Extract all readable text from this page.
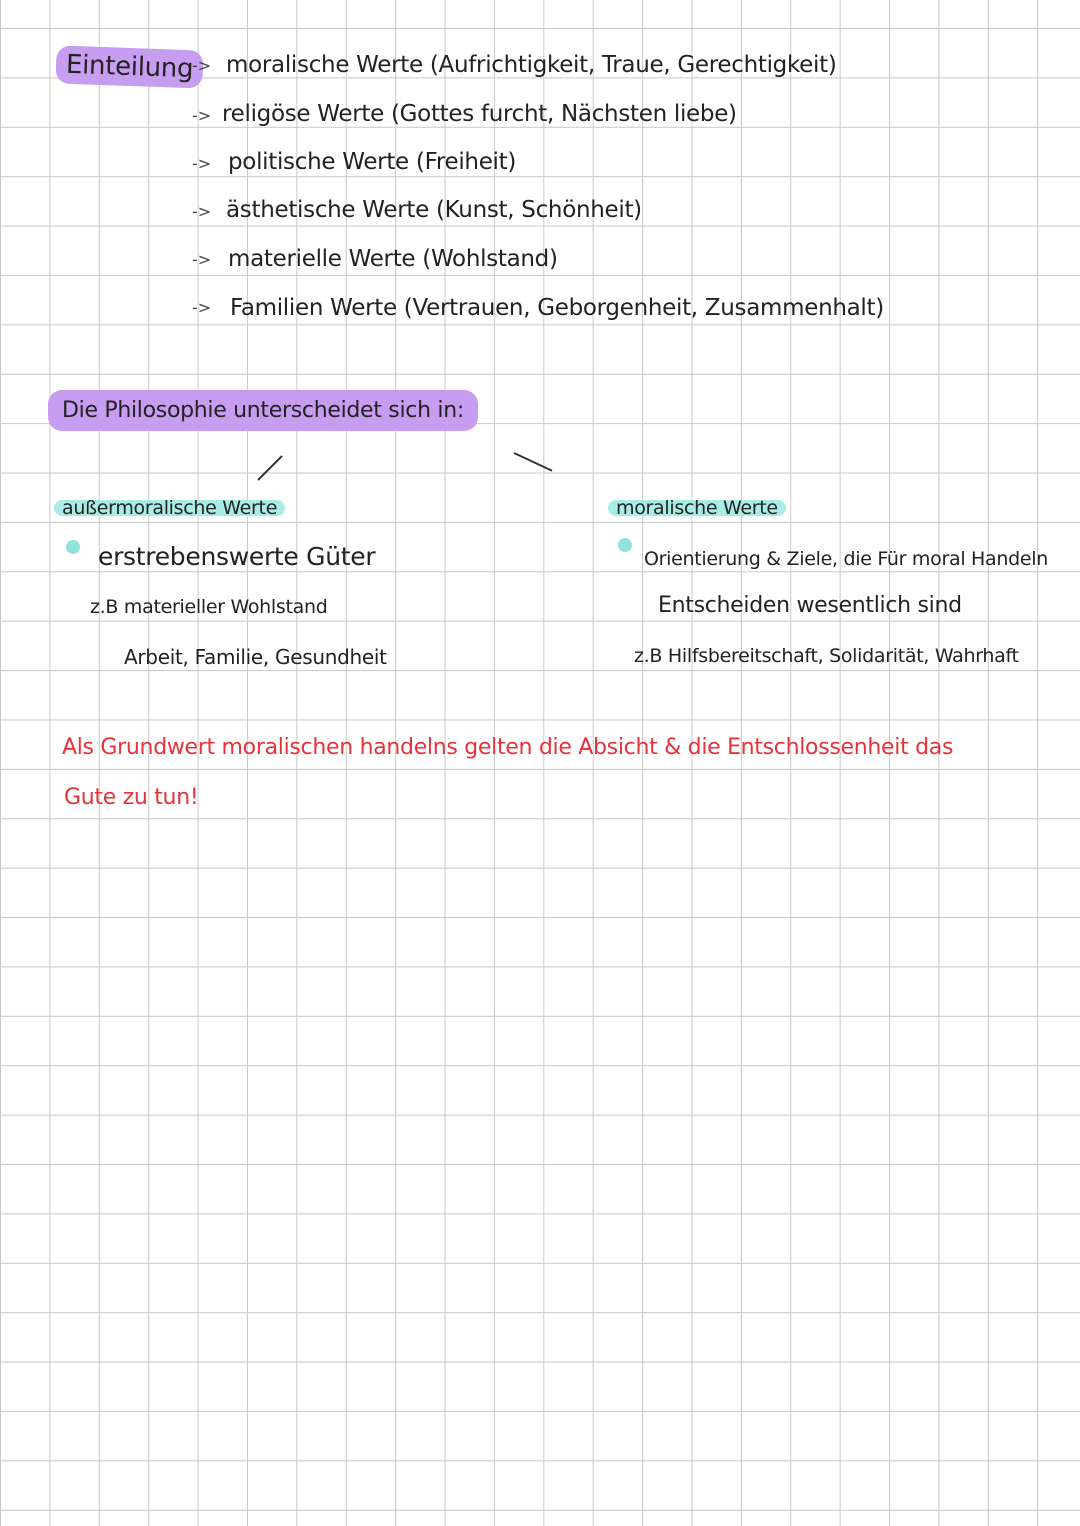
Einteilung
-> moralische Werte (Aufrichtigkeit, Traue, Gerechtigkeit)
-> religöse Werte (Gottes furcht, Nächsten liebe)
-> politische Werte (Freiheit)
-> ästhetische Werte (Kunst, Schönheit)
-> materielle Werte (Wohlstand)
-> Familien Werte (Vertrauen, Geborgenheit, Zusammenhalt)
Die Philosophie unterscheidet sich in:
außermoralische Werte
erstrebenswerte Güter
z.B materieller Wohlstand
Arbeit, Familie, Gesundheit
moralische Werte
Orientierung & Ziele, die Für moral Handeln
Entscheiden wesentlich sind
z.B Hilfsbereitschaft, Solidarität, Wahrhaft
Als Grundwert moralischen handelns gelten die Absicht & die Entschlossenheit das
Gute zu tun!
